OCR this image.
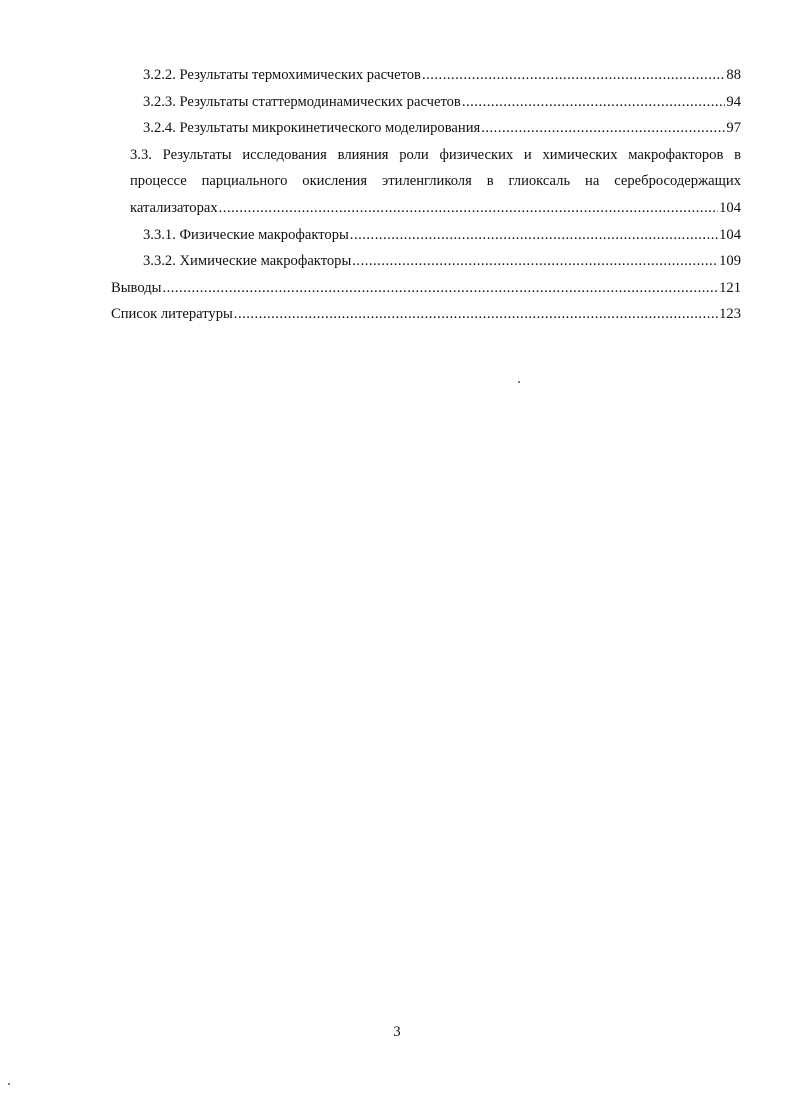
3.2.2. Результаты термохимических расчетов .....	88
3.2.3. Результаты статтермодинамических расчетов .....	94
3.2.4. Результаты микрокинетического моделирования .....	97
3.3. Результаты исследования влияния роли физических и химических макрофакторов в
процессе парциального окисления этиленгликоля в глиоксаль на серебросодержащих
катализаторах .....	104
3.3.1. Физические макрофакторы .....	104
3.3.2. Химические макрофакторы .....	109
Выводы .....	121
Список литературы .....	123
3
